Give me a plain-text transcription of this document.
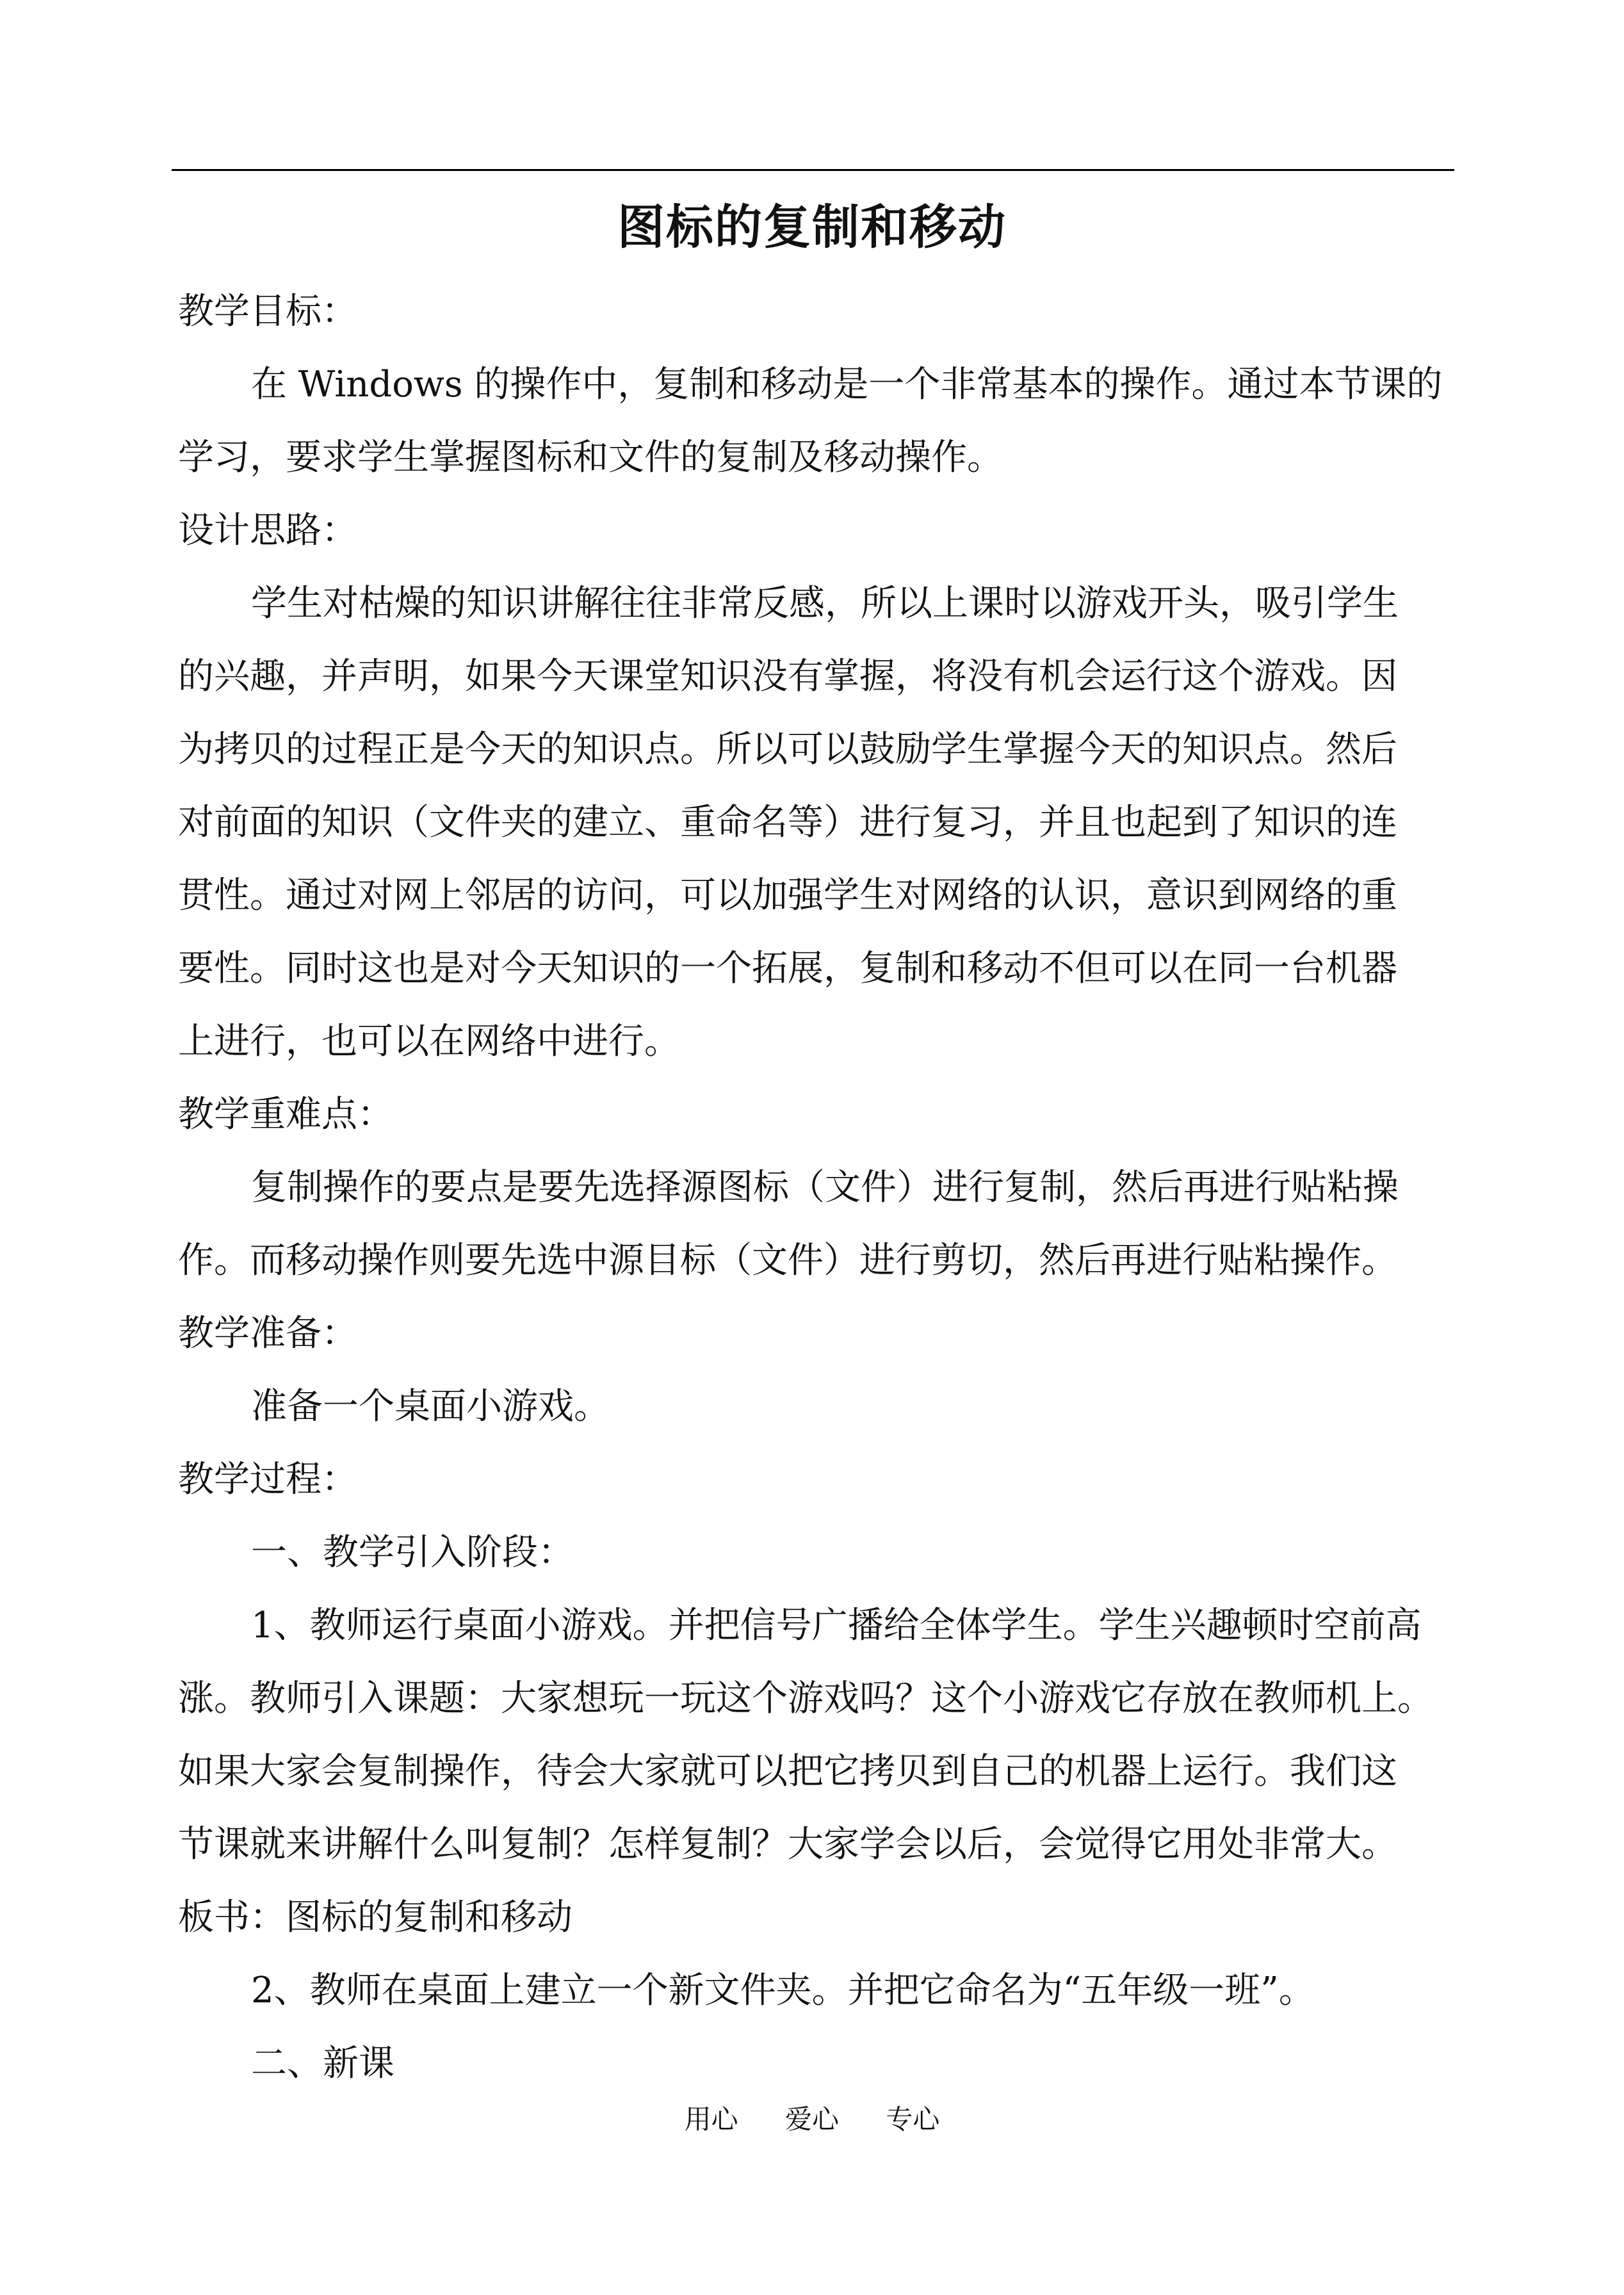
图标的复制和移动
教学目标：
在 Windows 的操作中，复制和移动是一个非常基本的操作。通过本节课的
学习，要求学生掌握图标和文件的复制及移动操作。
设计思路：
学生对枯燥的知识讲解往往非常反感，所以上课时以游戏开头，吸引学生
的兴趣，并声明，如果今天课堂知识没有掌握，将没有机会运行这个游戏。因
为拷贝的过程正是今天的知识点。所以可以鼓励学生掌握今天的知识点。然后
对前面的知识（文件夹的建立、重命名等）进行复习，并且也起到了知识的连
贯性。通过对网上邻居的访问，可以加强学生对网络的认识，意识到网络的重
要性。同时这也是对今天知识的一个拓展，复制和移动不但可以在同一台机器
上进行，也可以在网络中进行。
教学重难点：
复制操作的要点是要先选择源图标（文件）进行复制，然后再进行贴粘操
作。而移动操作则要先选中源目标（文件）进行剪切，然后再进行贴粘操作。
教学准备：
准备一个桌面小游戏。
教学过程：
一、教学引入阶段：
1、教师运行桌面小游戏。并把信号广播给全体学生。学生兴趣顿时空前高
涨。教师引入课题：大家想玩一玩这个游戏吗？这个小游戏它存放在教师机上。
如果大家会复制操作，待会大家就可以把它拷贝到自己的机器上运行。我们这
节课就来讲解什么叫复制？怎样复制？大家学会以后，会觉得它用处非常大。
板书：图标的复制和移动
2、教师在桌面上建立一个新文件夹。并把它命名为“五年级一班”。
二、新课
用心 爱心 专心
